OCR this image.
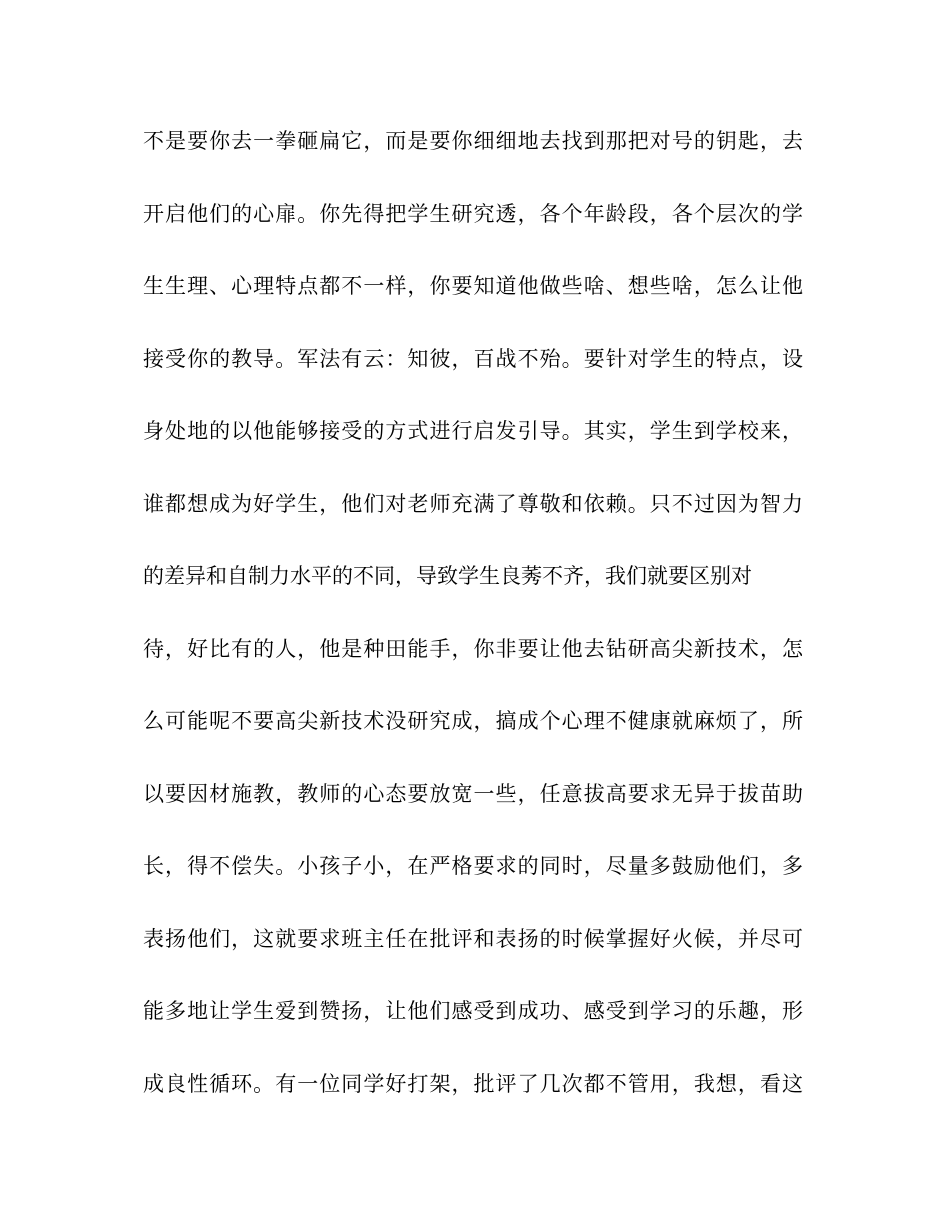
不是要你去一拳砸扁它，而是要你细细地去找到那把对号的钥匙，去
开启他们的心扉。你先得把学生研究透，各个年龄段，各个层次的学
生生理、心理特点都不一样，你要知道他做些啥、想些啥，怎么让他
接受你的教导。军法有云：知彼，百战不殆。要针对学生的特点，设
身处地的以他能够接受的方式进行启发引导。其实，学生到学校来，
谁都想成为好学生，他们对老师充满了尊敬和依赖。只不过因为智力
的差异和自制力水平的不同，导致学生良莠不齐，我们就要区别对
待，好比有的人，他是种田能手，你非要让他去钻研高尖新技术，怎
么可能呢不要高尖新技术没研究成，搞成个心理不健康就麻烦了，所
以要因材施教，教师的心态要放宽一些，任意拔高要求无异于拔苗助
长，得不偿失。小孩子小，在严格要求的同时，尽量多鼓励他们，多
表扬他们，这就要求班主任在批评和表扬的时候掌握好火候，并尽可
能多地让学生爱到赞扬，让他们感受到成功、感受到学习的乐趣，形
成良性循环。有一位同学好打架，批评了几次都不管用，我想，看这
